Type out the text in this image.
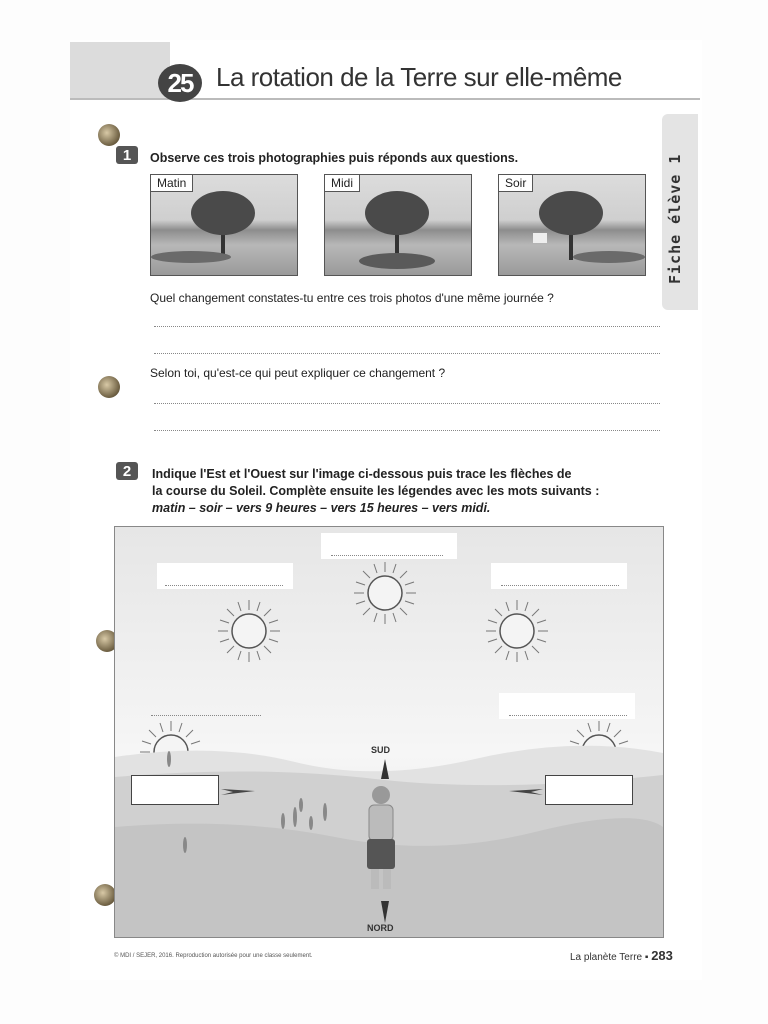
25 La rotation de la Terre sur elle-même
Fiche élève 1
1	Observe ces trois photographies puis réponds aux questions.
Matin	Midi	Soir
Quel changement constates-tu entre ces trois photos d'une même journée ?
Selon toi, qu'est-ce qui peut expliquer ce changement ?
2	Indique l'Est et l'Ouest sur l'image ci-dessous puis trace les flèches de
la course du Soleil. Complète ensuite les légendes avec les mots suivants :
matin – soir – vers 9 heures – vers 15 heures – vers midi.
SUD
NORD
© MDI / SEJER, 2016. Reproduction autorisée pour une classe seulement.	La planète Terre ▪ 283
